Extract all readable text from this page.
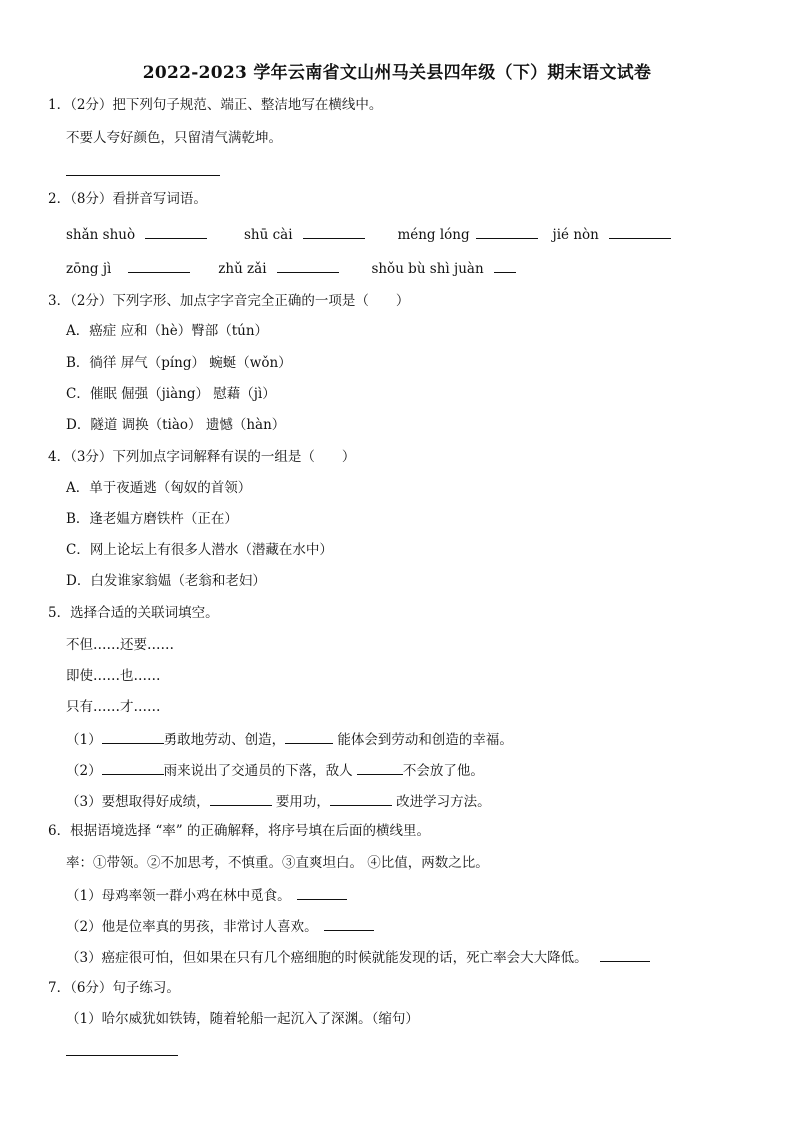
2022-2023 学年云南省文山州马关县四年级（下）期末语文试卷
1．（2分）把下列句子规范、端正、整洁地写在横线中。
不要人夸好颜色，只留清气满乾坤。
2．（8分）看拼音写词语。
shǎn shuò	shū cài	méng lóng	jié nòn
zōng jì	zhǔ zǎi	shǒu bù shì juàn
3．（2分）下列字形、加点字字音完全正确的一项是（　　）
A．癌症 应和（hè）臀部（tún）
B．徜徉 屏气（píng） 蜿蜒（wǒn）
C．催眠 倔强（jiàng） 慰藉（jì）
D．隧道 调换（tiào） 遗憾（hàn）
4．（3分）下列加点字词解释有误的一组是（　　）
A．单于夜遁逃（匈奴的首领）
B．逢老媪方磨铁杵（正在）
C．网上论坛上有很多人潜水（潜藏在水中）
D．白发谁家翁媪（老翁和老妇）
5．选择合适的关联词填空。
不但……还要……
即使……也……
只有……才……
（1）	勇敢地劳动、创造，	能体会到劳动和创造的幸福。
（2）	雨来说出了交通员的下落，敌人	不会放了他。
（3）要想取得好成绩，	要用功，	改进学习方法。
6．根据语境选择 “率” 的正确解释，将序号填在后面的横线里。
率：①带领。②不加思考，不慎重。③直爽坦白。 ④比值，两数之比。
（1）母鸡率领一群小鸡在林中觅食。
（2）他是位率真的男孩，非常讨人喜欢。
（3）癌症很可怕，但如果在只有几个癌细胞的时候就能发现的话，死亡率会大大降低。
7．（6分）句子练习。
（1）哈尔威犹如铁铸，随着轮船一起沉入了深渊。（缩句）
